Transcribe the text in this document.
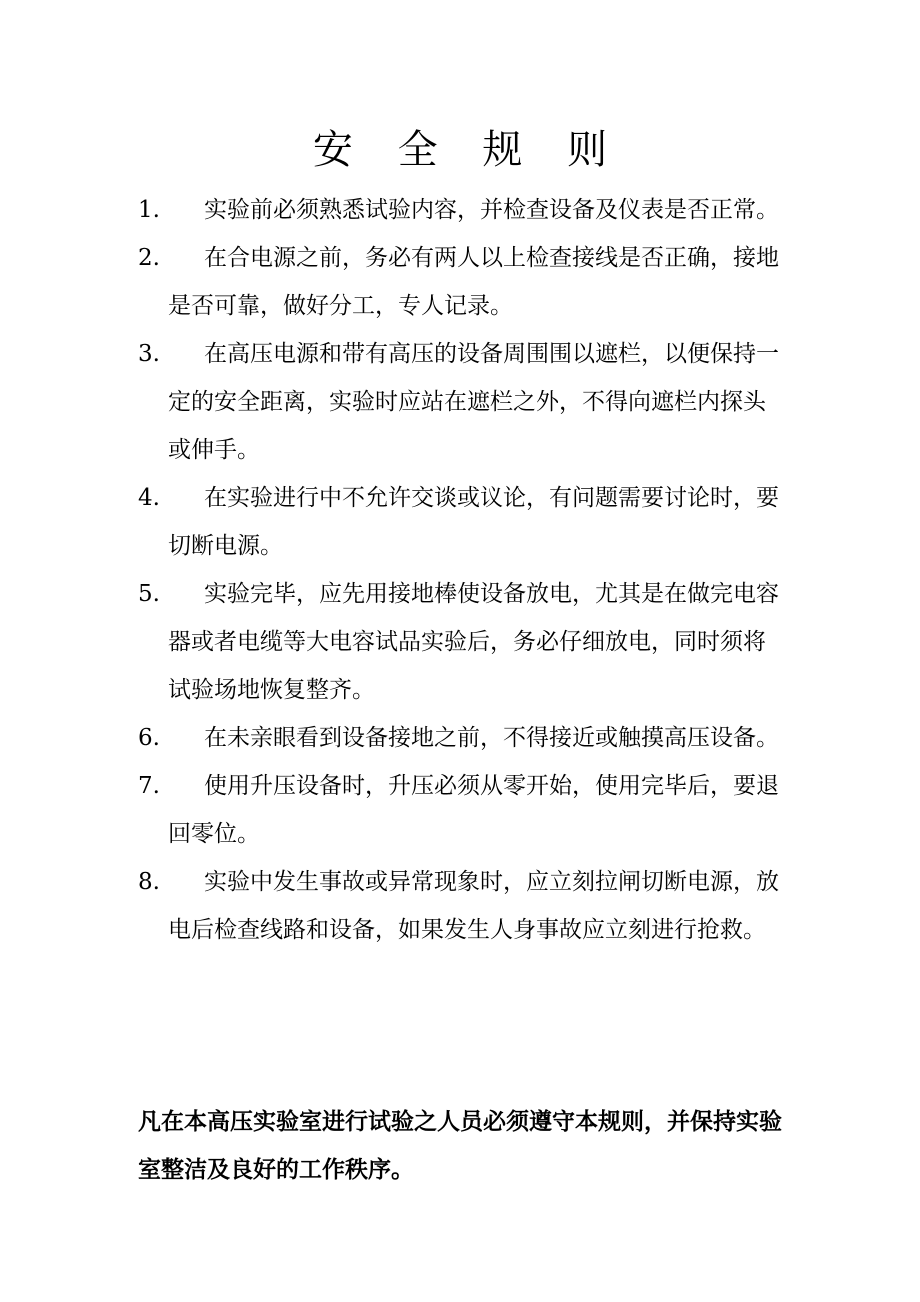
安 全 规 则
1.	实验前必须熟悉试验内容，并检查设备及仪表是否正常。
2.	在合电源之前，务必有两人以上检查接线是否正确，接地是否可靠，做好分工，专人记录。
3.	在高压电源和带有高压的设备周围围以遮栏，以便保持一定的安全距离，实验时应站在遮栏之外，不得向遮栏内探头或伸手。
4.	在实验进行中不允许交谈或议论，有问题需要讨论时，要切断电源。
5.	实验完毕，应先用接地棒使设备放电，尤其是在做完电容器或者电缆等大电容试品实验后，务必仔细放电，同时须将试验场地恢复整齐。
6.	在未亲眼看到设备接地之前，不得接近或触摸高压设备。
7.	使用升压设备时，升压必须从零开始，使用完毕后，要退回零位。
8.	实验中发生事故或异常现象时，应立刻拉闸切断电源，放电后检查线路和设备，如果发生人身事故应立刻进行抢救。

凡在本高压实验室进行试验之人员必须遵守本规则，并保持实验室整洁及良好的工作秩序。
